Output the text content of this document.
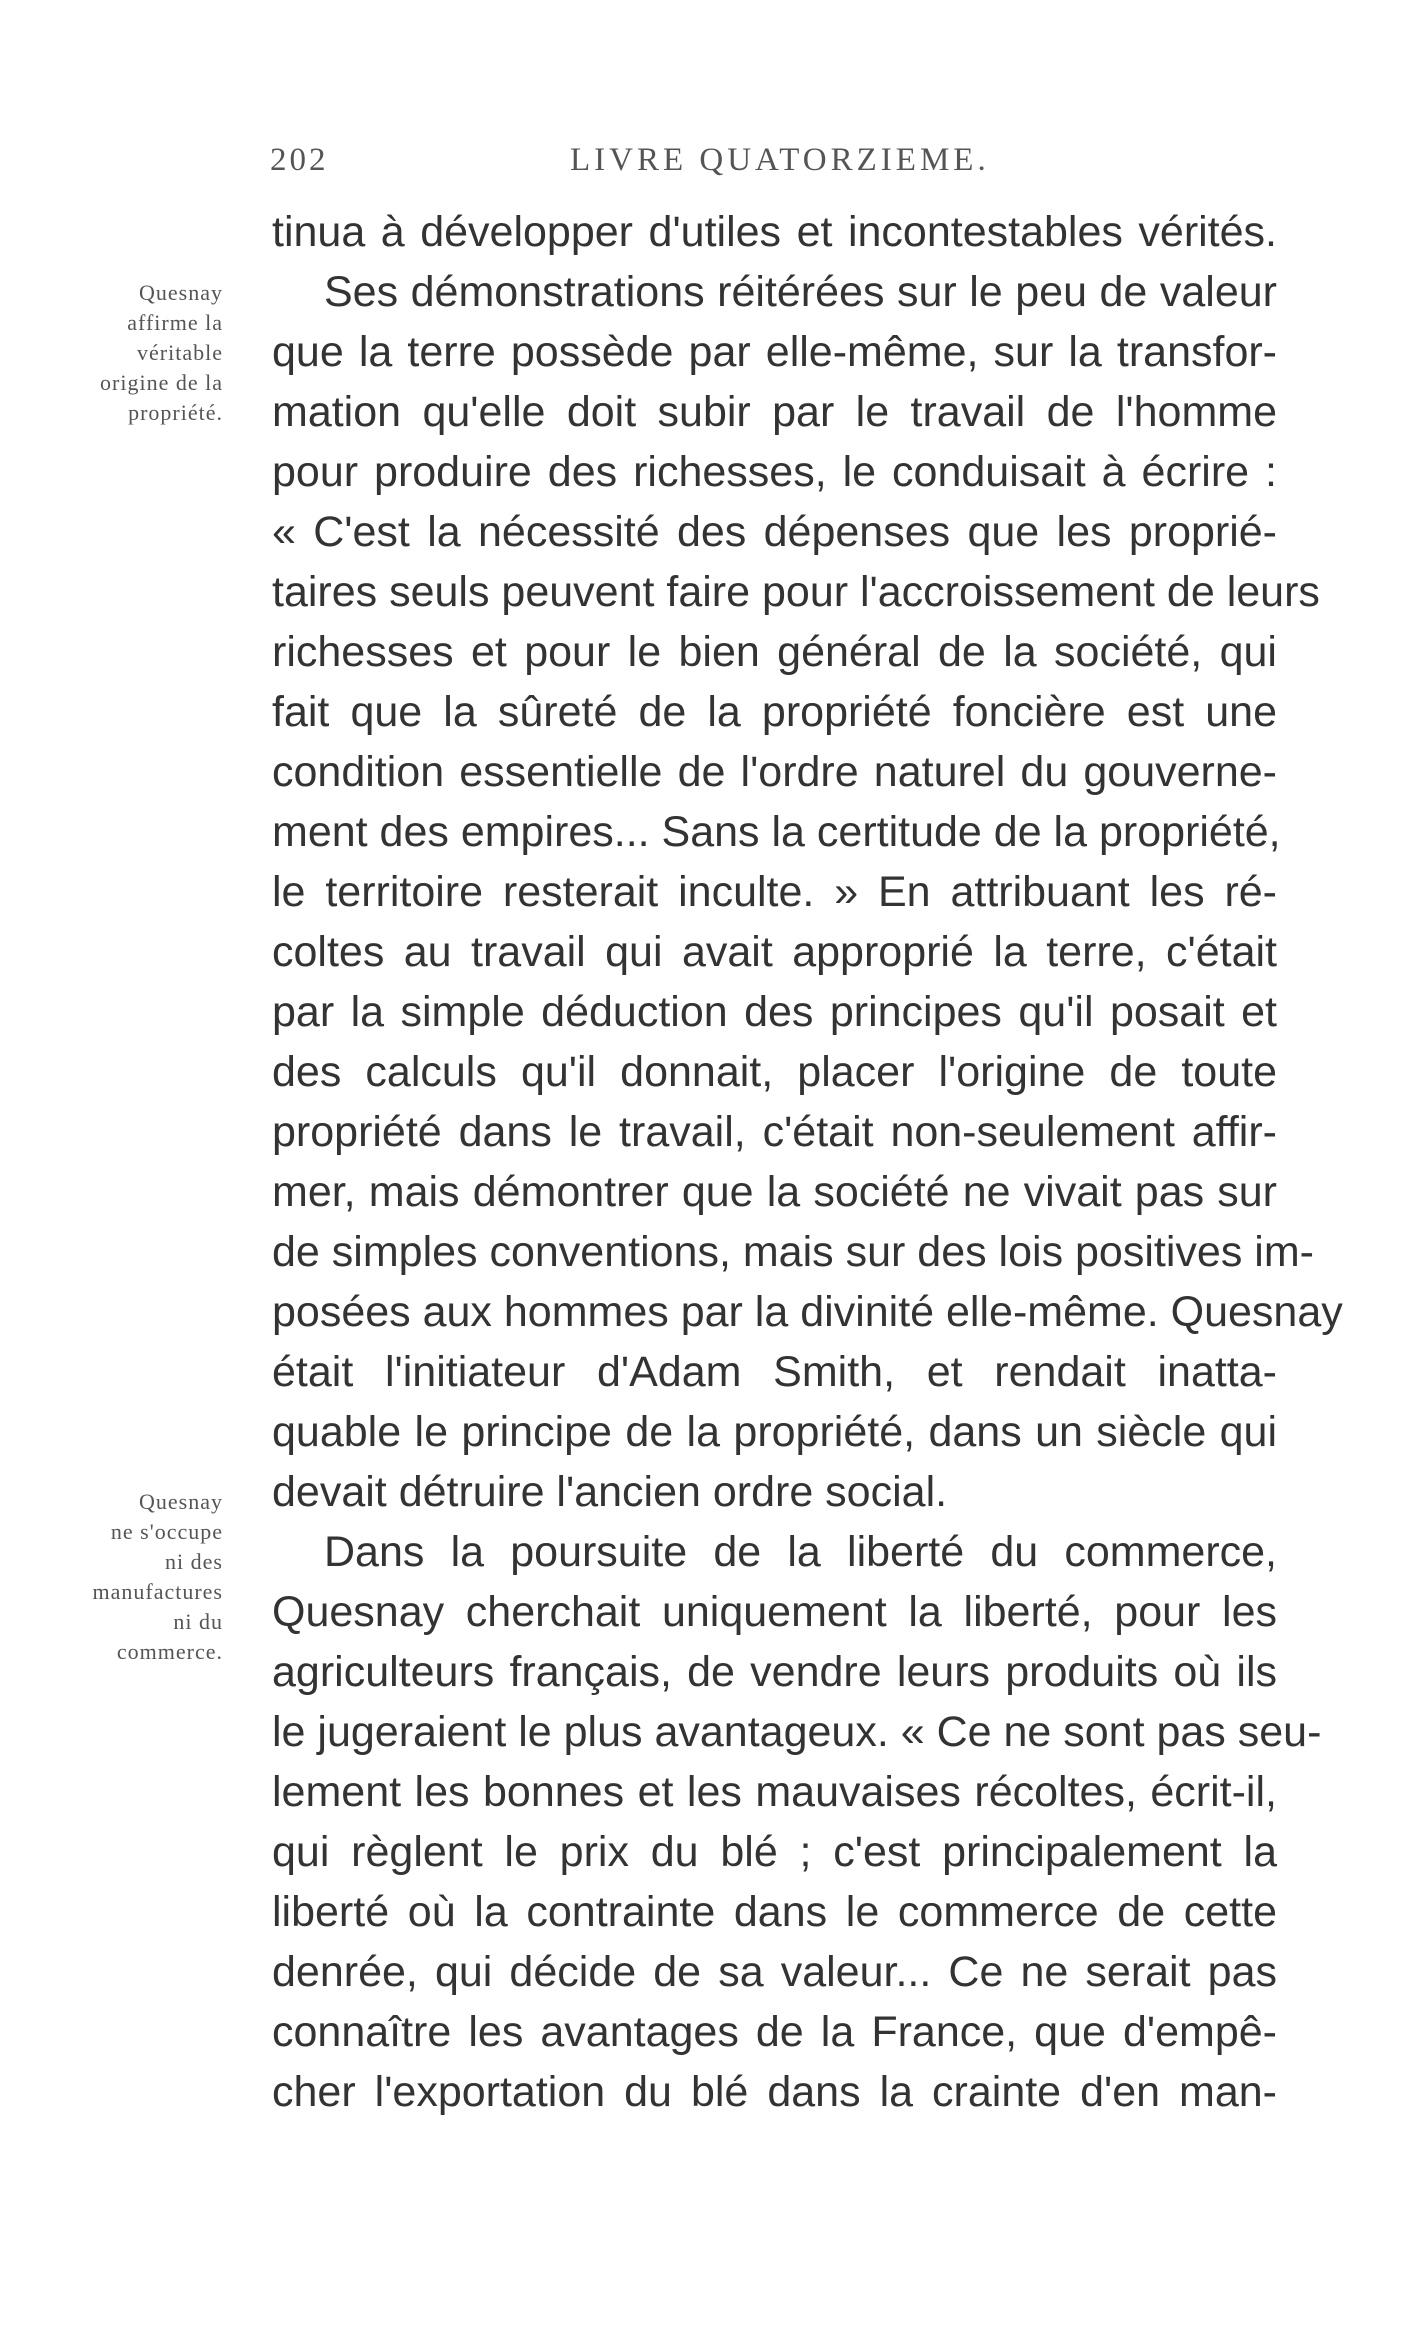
202	LIVRE QUATORZIEME.
Quesnay
affirme la
véritable
origine de la
propriété.
Quesnay
ne s'occupe
ni des
manufactures
ni du
commerce.
tinua à développer d'utiles et incontestables vérités.
Ses démonstrations réitérées sur le peu de valeur
que la terre possède par elle-même, sur la transfor-
mation qu'elle doit subir par le travail de l'homme
pour produire des richesses, le conduisait à écrire :
« C'est la nécessité des dépenses que les proprié-
taires seuls peuvent faire pour l'accroissement de leurs
richesses et pour le bien général de la société, qui
fait que la sûreté de la propriété foncière est une
condition essentielle de l'ordre naturel du gouverne-
ment des empires... Sans la certitude de la propriété,
le territoire resterait inculte. » En attribuant les ré-
coltes au travail qui avait approprié la terre, c'était
par la simple déduction des principes qu'il posait et
des calculs qu'il donnait, placer l'origine de toute
propriété dans le travail, c'était non-seulement affir-
mer, mais démontrer que la société ne vivait pas sur
de simples conventions, mais sur des lois positives im-
posées aux hommes par la divinité elle-même. Quesnay
était l'initiateur d'Adam Smith, et rendait inatta-
quable le principe de la propriété, dans un siècle qui
devait détruire l'ancien ordre social.
Dans la poursuite de la liberté du commerce,
Quesnay cherchait uniquement la liberté, pour les
agriculteurs français, de vendre leurs produits où ils
le jugeraient le plus avantageux. « Ce ne sont pas seu-
lement les bonnes et les mauvaises récoltes, écrit-il,
qui règlent le prix du blé ; c'est principalement la
liberté où la contrainte dans le commerce de cette
denrée, qui décide de sa valeur... Ce ne serait pas
connaître les avantages de la France, que d'empê-
cher l'exportation du blé dans la crainte d'en man-
